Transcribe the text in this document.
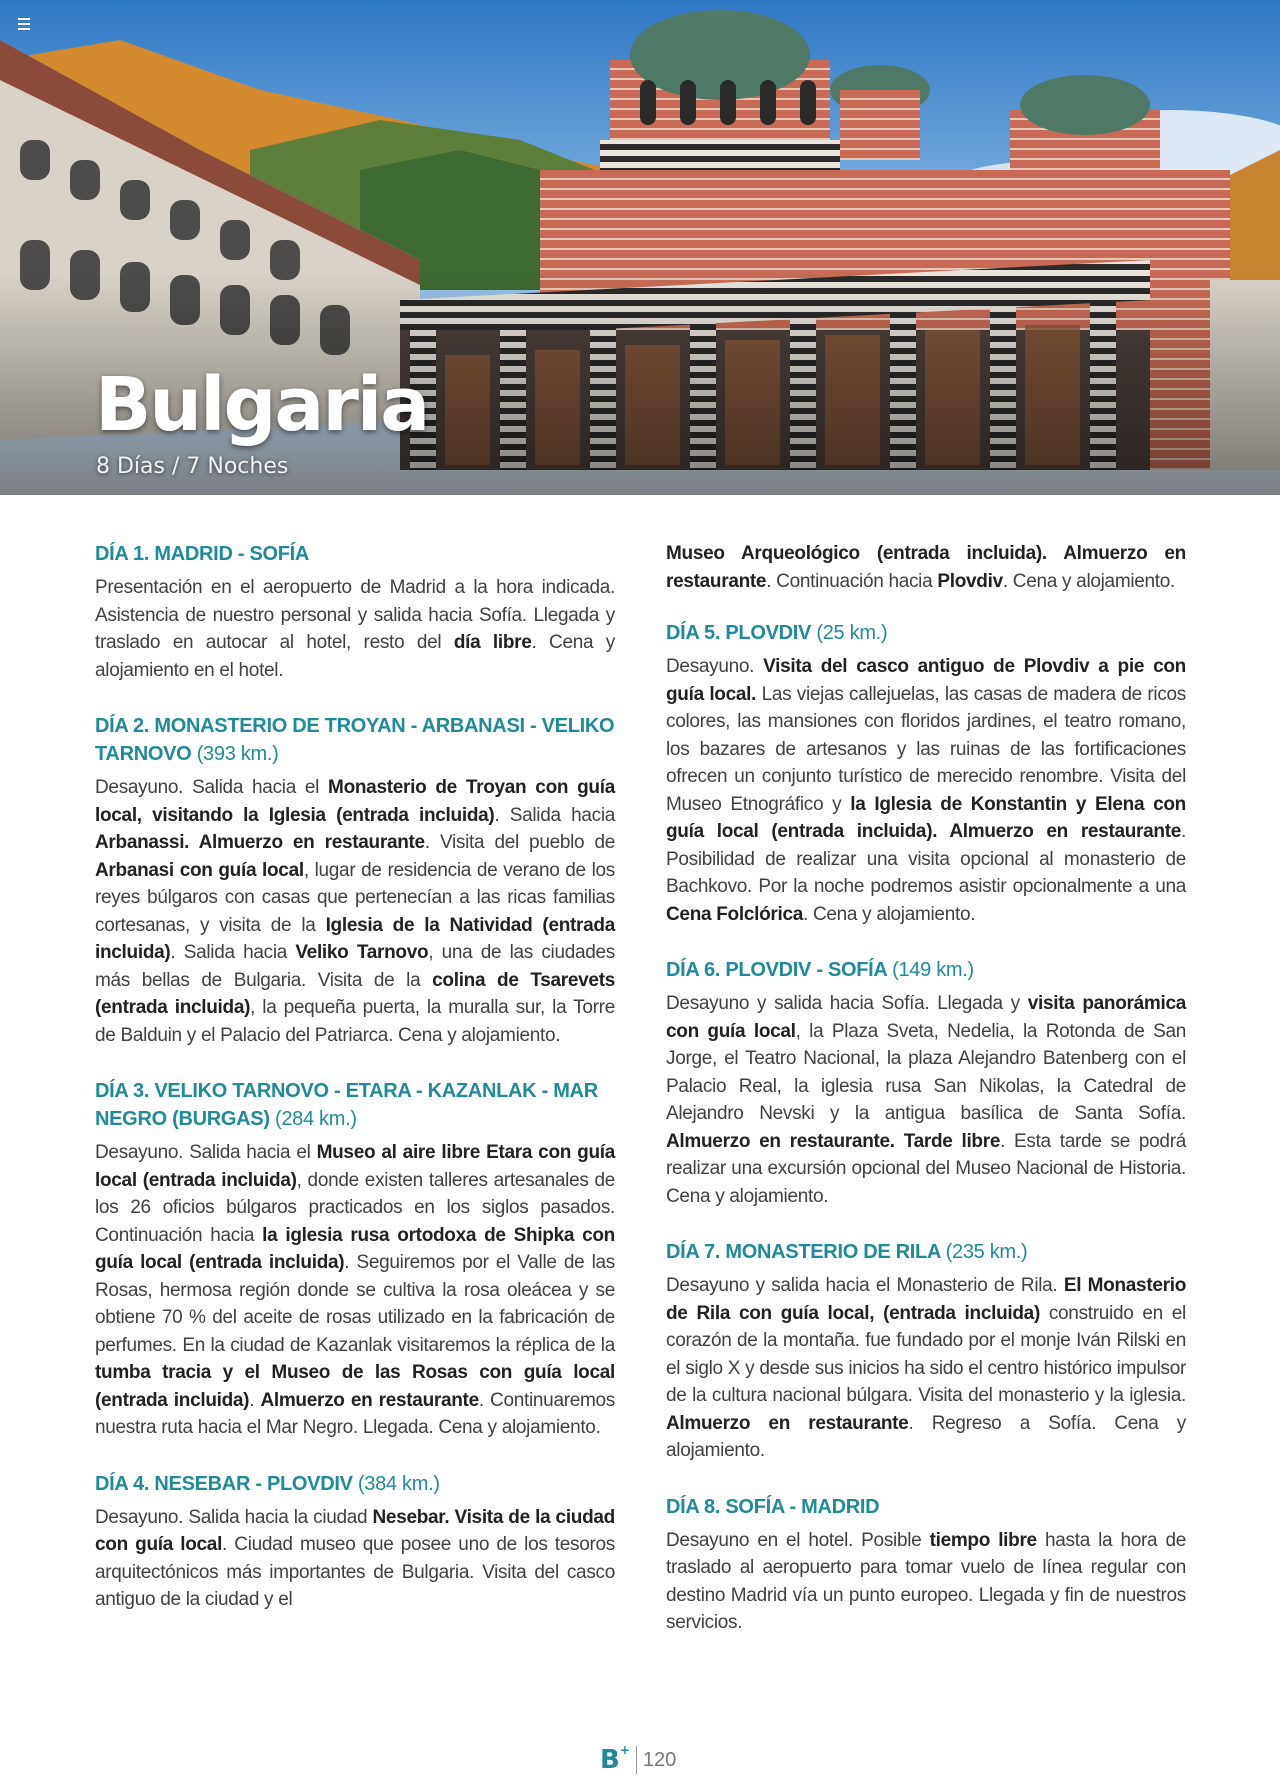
Bulgaria
8 Días / 7 Noches
DÍA 1. MADRID - SOFÍA

Presentación en el aeropuerto de Madrid a la hora indicada. Asistencia de nuestro personal y salida hacia Sofía. Llegada y traslado en autocar al hotel, resto del día libre. Cena y alojamiento en el hotel.

DÍA 2. MONASTERIO DE TROYAN - ARBANASI - VELIKO TARNOVO (393 km.)

Desayuno. Salida hacia el Monasterio de Troyan con guía local, visitando la Iglesia (entrada incluida). Salida hacia Arbanassi. Almuerzo en restaurante. Visita del pueblo de Arbanasi con guía local, lugar de residencia de verano de los reyes búlgaros con casas que pertenecían a las ricas familias cortesanas, y visita de la Iglesia de la Natividad (entrada incluida). Salida hacia Veliko Tarnovo, una de las ciudades más bellas de Bulgaria. Visita de la colina de Tsarevets (entrada incluida), la pequeña puerta, la muralla sur, la Torre de Balduin y el Palacio del Patriarca. Cena y alojamiento.

DÍA 3. VELIKO TARNOVO - ETARA - KAZANLAK - MAR NEGRO (BURGAS) (284 km.)

Desayuno. Salida hacia el Museo al aire libre Etara con guía local (entrada incluida), donde existen talleres artesanales de los 26 oficios búlgaros practicados en los siglos pasados. Continuación hacia la iglesia rusa ortodoxa de Shipka con guía local (entrada incluida). Seguiremos por el Valle de las Rosas, hermosa región donde se cultiva la rosa oleácea y se obtiene 70 % del aceite de rosas utilizado en la fabricación de perfumes. En la ciudad de Kazanlak visitaremos la réplica de la tumba tracia y el Museo de las Rosas con guía local (entrada incluida). Almuerzo en restaurante. Continuaremos nuestra ruta hacia el Mar Negro. Llegada. Cena y alojamiento.

DÍA 4. NESEBAR - PLOVDIV (384 km.)

Desayuno. Salida hacia la ciudad Nesebar. Visita de la ciudad con guía local. Ciudad museo que posee uno de los tesoros arquitectónicos más importantes de Bulgaria. Visita del casco antiguo de la ciudad y el

Museo Arqueológico (entrada incluida). Almuerzo en restaurante. Continuación hacia Plovdiv. Cena y alojamiento.

DÍA 5. PLOVDIV (25 km.)

Desayuno. Visita del casco antiguo de Plovdiv a pie con guía local. Las viejas callejuelas, las casas de madera de ricos colores, las mansiones con floridos jardines, el teatro romano, los bazares de artesanos y las ruinas de las fortificaciones ofrecen un conjunto turístico de merecido renombre. Visita del Museo Etnográfico y la Iglesia de Konstantin y Elena con guía local (entrada incluida). Almuerzo en restaurante. Posibilidad de realizar una visita opcional al monasterio de Bachkovo. Por la noche podremos asistir opcionalmente a una Cena Folclórica. Cena y alojamiento.

DÍA 6. PLOVDIV - SOFÍA (149 km.)

Desayuno y salida hacia Sofía. Llegada y visita panorámica con guía local, la Plaza Sveta, Nedelia, la Rotonda de San Jorge, el Teatro Nacional, la plaza Alejandro Batenberg con el Palacio Real, la iglesia rusa San Nikolas, la Catedral de Alejandro Nevski y la antigua basílica de Santa Sofía. Almuerzo en restaurante. Tarde libre. Esta tarde se podrá realizar una excursión opcional del Museo Nacional de Historia. Cena y alojamiento.

DÍA 7. MONASTERIO DE RILA (235 km.)

Desayuno y salida hacia el Monasterio de Rila. El Monasterio de Rila con guía local, (entrada incluida) construido en el corazón de la montaña. fue fundado por el monje Iván Rilski en el siglo X y desde sus inicios ha sido el centro histórico impulsor de la cultura nacional búlgara. Visita del monasterio y la iglesia. Almuerzo en restaurante. Regreso a Sofía. Cena y alojamiento.

DÍA 8. SOFÍA - MADRID

Desayuno en el hotel. Posible tiempo libre hasta la hora de traslado al aeropuerto para tomar vuelo de línea regular con destino Madrid vía un punto europeo. Llegada y fin de nuestros servicios.

B+ 120
